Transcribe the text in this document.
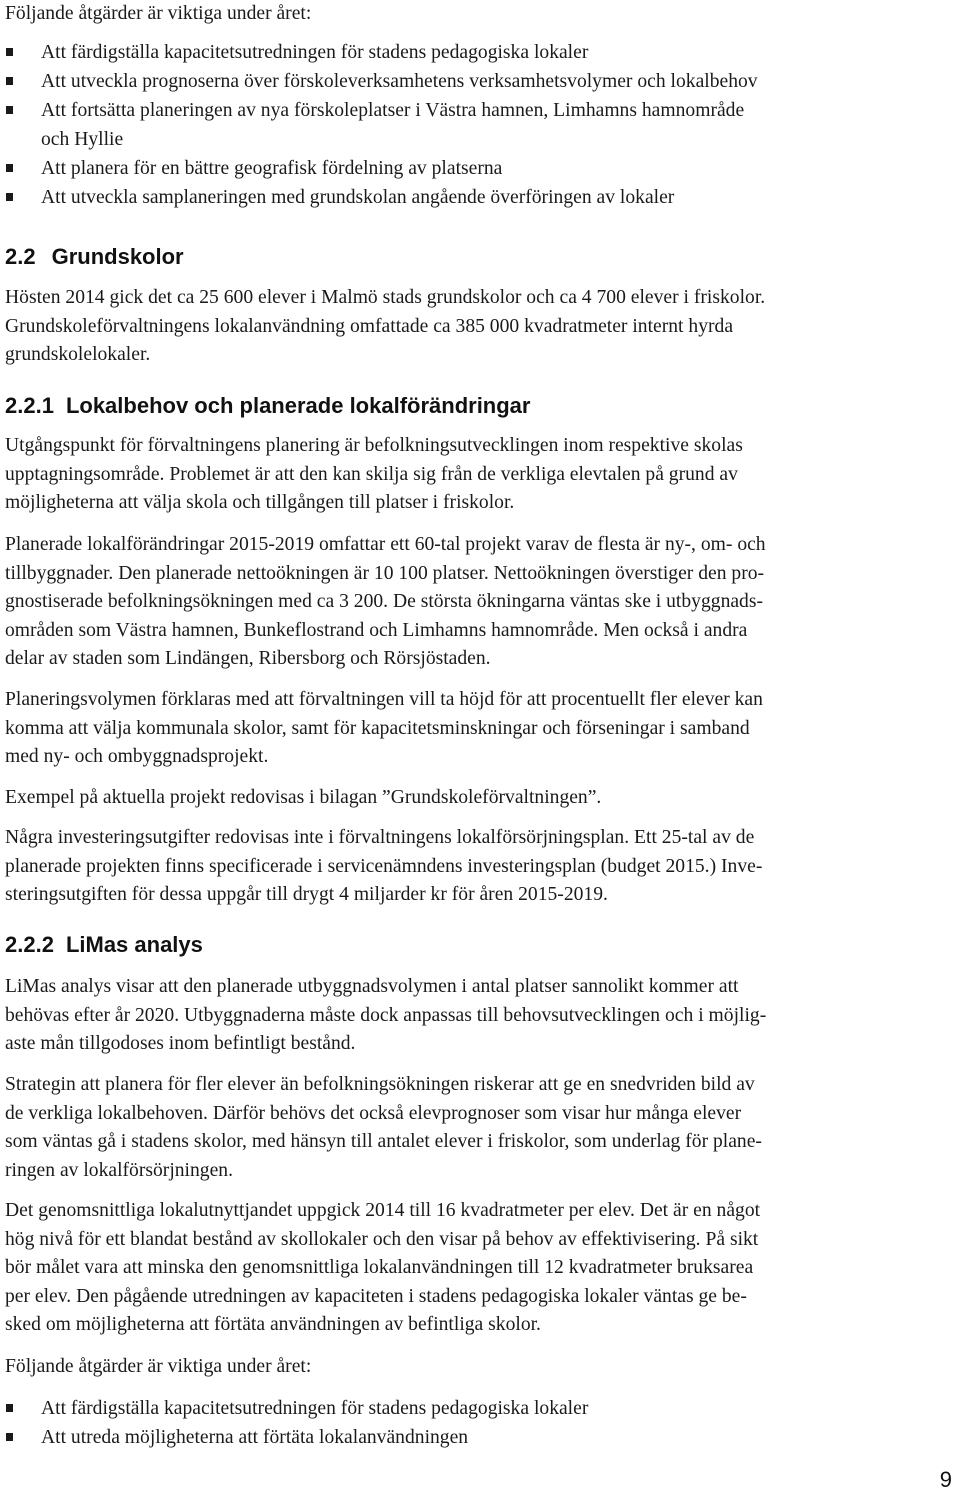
Följande åtgärder är viktiga under året:

Att färdigställa kapacitetsutredningen för stadens pedagogiska lokaler
Att utveckla prognoserna över förskoleverksamhetens verksamhetsvolymer och lokalbehov
Att fortsätta planeringen av nya förskoleplatser i Västra hamnen, Limhamns hamnområde
och Hyllie
Att planera för en bättre geografisk fördelning av platserna
Att utveckla samplaneringen med grundskolan angående överföringen av lokaler
2.2 Grundskolor

Hösten 2014 gick det ca 25 600 elever i Malmö stads grundskolor och ca 4 700 elever i friskolor.
Grundskoleförvaltningens lokalanvändning omfattade ca 385 000 kvadratmeter internt hyrda
grundskolelokaler.

2.2.1 Lokalbehov och planerade lokalförändringar

Utgångspunkt för förvaltningens planering är befolkningsutvecklingen inom respektive skolas
upptagningsområde. Problemet är att den kan skilja sig från de verkliga elevtalen på grund av
möjligheterna att välja skola och tillgången till platser i friskolor.

Planerade lokalförändringar 2015-2019 omfattar ett 60-tal projekt varav de flesta är ny-, om- och
tillbyggnader. Den planerade nettoökningen är 10 100 platser. Nettoökningen överstiger den pro-
gnostiserade befolkningsökningen med ca 3 200. De största ökningarna väntas ske i utbyggnads-
områden som Västra hamnen, Bunkeflostrand och Limhamns hamnområde. Men också i andra
delar av staden som Lindängen, Ribersborg och Rörsjöstaden.

Planeringsvolymen förklaras med att förvaltningen vill ta höjd för att procentuellt fler elever kan
komma att välja kommunala skolor, samt för kapacitetsminskningar och förseningar i samband
med ny- och ombyggnadsprojekt.

Exempel på aktuella projekt redovisas i bilagan ”Grundskoleförvaltningen”.

Några investeringsutgifter redovisas inte i förvaltningens lokalförsörjningsplan. Ett 25-tal av de
planerade projekten finns specificerade i servicenämndens investeringsplan (budget 2015.) Inve-
steringsutgiften för dessa uppgår till drygt 4 miljarder kr för åren 2015-2019.

2.2.2 LiMas analys

LiMas analys visar att den planerade utbyggnadsvolymen i antal platser sannolikt kommer att
behövas efter år 2020. Utbyggnaderna måste dock anpassas till behovsutvecklingen och i möjlig-
aste mån tillgodoses inom befintligt bestånd.

Strategin att planera för fler elever än befolkningsökningen riskerar att ge en snedvriden bild av
de verkliga lokalbehoven. Därför behövs det också elevprognoser som visar hur många elever
som väntas gå i stadens skolor, med hänsyn till antalet elever i friskolor, som underlag för plane-
ringen av lokalförsörjningen.

Det genomsnittliga lokalutnyttjandet uppgick 2014 till 16 kvadratmeter per elev. Det är en något
hög nivå för ett blandat bestånd av skollokaler och den visar på behov av effektivisering. På sikt
bör målet vara att minska den genomsnittliga lokalanvändningen till 12 kvadratmeter bruksarea
per elev. Den pågående utredningen av kapaciteten i stadens pedagogiska lokaler väntas ge be-
sked om möjligheterna att förtäta användningen av befintliga skolor.

Följande åtgärder är viktiga under året:

Att färdigställa kapacitetsutredningen för stadens pedagogiska lokaler
Att utreda möjligheterna att förtäta lokalanvändningen
9
